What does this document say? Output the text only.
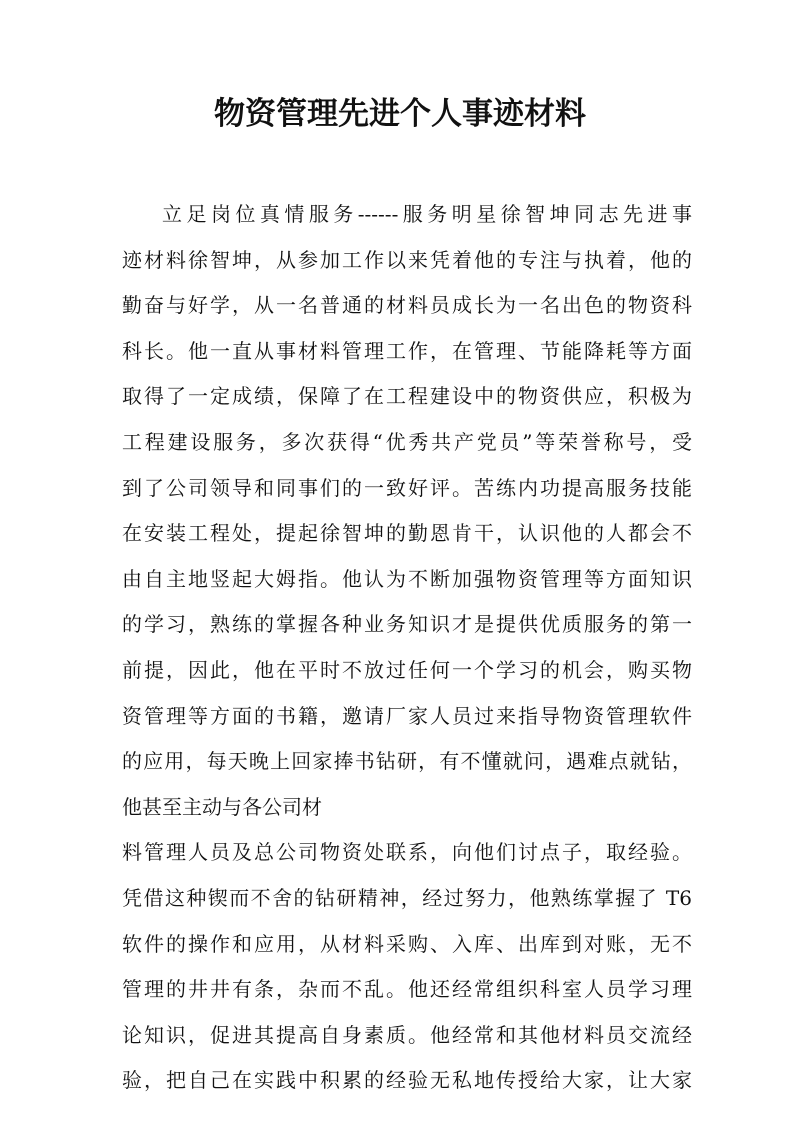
物资管理先进个人事迹材料
立足岗位真情服务------服务明星徐智坤同志先进事
迹材料徐智坤，从参加工作以来凭着他的专注与执着，他的
勤奋与好学，从一名普通的材料员成长为一名出色的物资科
科长。他一直从事材料管理工作，在管理、节能降耗等方面
取得了一定成绩，保障了在工程建设中的物资供应，积极为
工程建设服务，多次获得“优秀共产党员”等荣誉称号，受
到了公司领导和同事们的一致好评。苦练内功提高服务技能
在安装工程处，提起徐智坤的勤恩肯干，认识他的人都会不
由自主地竖起大姆指。他认为不断加强物资管理等方面知识
的学习，熟练的掌握各种业务知识才是提供优质服务的第一
前提，因此，他在平时不放过任何一个学习的机会，购买物
资管理等方面的书籍，邀请厂家人员过来指导物资管理软件
的应用，每天晚上回家捧书钻研，有不懂就问，遇难点就钻，
他甚至主动与各公司材
料管理人员及总公司物资处联系，向他们讨点子，取经验。
凭借这种锲而不舍的钻研精神，经过努力，他熟练掌握了 T6
软件的操作和应用，从材料采购、入库、出库到对账，无不
管理的井井有条，杂而不乱。他还经常组织科室人员学习理
论知识，促进其提高自身素质。他经常和其他材料员交流经
验，把自己在实践中积累的经验无私地传授给大家，让大家
